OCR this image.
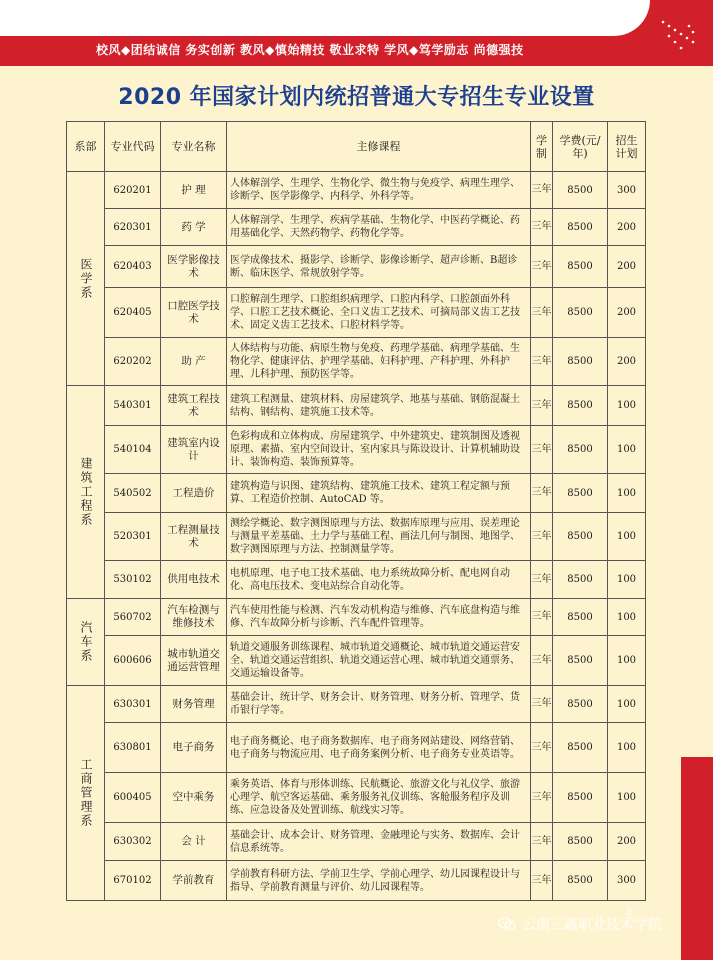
校风◆团结诚信 务实创新 教风◆慎始精技 敬业求特 学风◆笃学励志 尚德强技
2020 年国家计划内统招普通大专招生专业设置
系部	专业代码	专业名称	主修课程	学制	学费(元/年)	招生计划
医学系	620201	护 理	人体解剖学、生理学、生物化学、微生物与免疫学、病理生理学、诊断学、医学影像学、内科学、外科学等。	三年	8500	300
	620301	药 学	人体解剖学、生理学、疾病学基础、生物化学、中医药学概论、药用基础化学、天然药物学、药物化学等。	三年	8500	200
	620403	医学影像技术	医学成像技术、摄影学、诊断学、影像诊断学、超声诊断、B超诊断、临床医学、常规放射学等。	三年	8500	200
	620405	口腔医学技术	口腔解剖生理学、口腔组织病理学、口腔内科学、口腔颌面外科学、口腔工艺技术概论、全口义齿工艺技术、可摘局部义齿工艺技术、固定义齿工艺技术、口腔材料学等。	三年	8500	200
	620202	助 产	人体结构与功能、病原生物与免疫、药理学基础、病理学基础、生物化学、健康评估、护理学基础、妇科护理、产科护理、外科护理、儿科护理、预防医学等。	三年	8500	200
建筑工程系	540301	建筑工程技术	建筑工程测量、建筑材料、房屋建筑学、地基与基础、钢筋混凝土结构、钢结构、建筑施工技术等。	三年	8500	100
	540104	建筑室内设计	色彩构成和立体构成、房屋建筑学、中外建筑史、建筑制图及透视原理、素描、室内空间设计、室内家具与陈设设计、计算机辅助设计、装饰构造、装饰预算等。	三年	8500	100
	540502	工程造价	建筑构造与识图、建筑结构、建筑施工技术、建筑工程定额与预算、工程造价控制、AutoCAD 等。	三年	8500	100
	520301	工程测量技术	测绘学概论、数字测图原理与方法、数据库原理与应用、误差理论与测量平差基础、土力学与基础工程、画法几何与制图、地图学、数字测图原理与方法、控制测量学等。	三年	8500	100
	530102	供用电技术	电机原理、电子电工技术基础、电力系统故障分析、配电网自动化、高电压技术、变电站综合自动化等。	三年	8500	100
汽车系	560702	汽车检测与维修技术	汽车使用性能与检测、汽车发动机构造与维修、汽车底盘构造与维修、汽车故障分析与诊断、汽车配件管理等。	三年	8500	100
	600606	城市轨道交通运营管理	轨道交通服务训练课程、城市轨道交通概论、城市轨道交通运营安全、轨道交通运营组织、轨道交通运营心理、城市轨道交通票务、交通运输设备等。	三年	8500	100
工商管理系	630301	财务管理	基础会计、统计学、财务会计、财务管理、财务分析、管理学、货币银行学等。	三年	8500	100
	630801	电子商务	电子商务概论、电子商务数据库、电子商务网站建设、网络营销、电子商务与物流应用、电子商务案例分析、电子商务专业英语等。	三年	8500	100
	600405	空中乘务	乘务英语、体育与形体训练、民航概论、旅游文化与礼仪学、旅游心理学、航空客运基础、乘务服务礼仪训练、客舱服务程序及训练、应急设备及处置训练、航线实习等。	三年	8500	100
	630302	会 计	基础会计、成本会计、财务管理、金融理论与实务、数据库、会计信息系统等。	三年	8500	200
	670102	学前教育	学前教育科研方法、学前卫生学、学前心理学、幼儿园课程设计与指导、学前教育测量与评价、幼儿园课程等。	三年	8500	300
2
云南三鑫职业技术学院
